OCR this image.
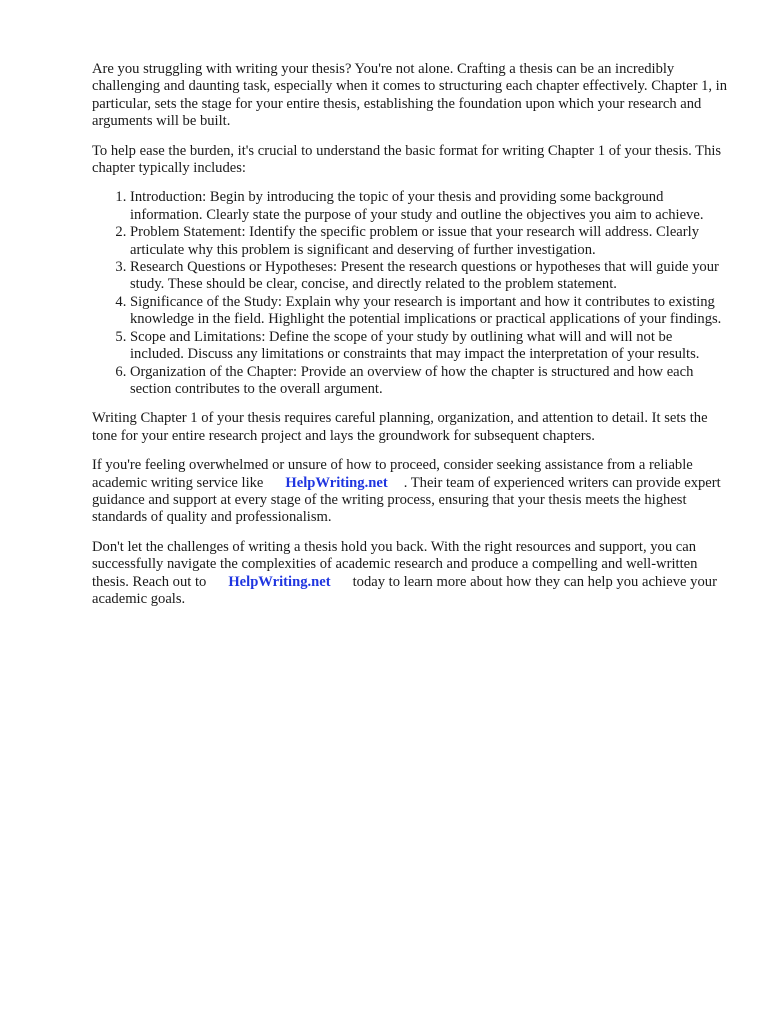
Are you struggling with writing your thesis? You're not alone. Crafting a thesis can be an incredibly challenging and daunting task, especially when it comes to structuring each chapter effectively. Chapter 1, in particular, sets the stage for your entire thesis, establishing the foundation upon which your research and arguments will be built.

To help ease the burden, it's crucial to understand the basic format for writing Chapter 1 of your thesis. This chapter typically includes:

1. Introduction: Begin by introducing the topic of your thesis and providing some background information. Clearly state the purpose of your study and outline the objectives you aim to achieve.
2. Problem Statement: Identify the specific problem or issue that your research will address. Clearly articulate why this problem is significant and deserving of further investigation.
3. Research Questions or Hypotheses: Present the research questions or hypotheses that will guide your study. These should be clear, concise, and directly related to the problem statement.
4. Significance of the Study: Explain why your research is important and how it contributes to existing knowledge in the field. Highlight the potential implications or practical applications of your findings.
5. Scope and Limitations: Define the scope of your study by outlining what will and will not be included. Discuss any limitations or constraints that may impact the interpretation of your results.
6. Organization of the Chapter: Provide an overview of how the chapter is structured and how each section contributes to the overall argument.

Writing Chapter 1 of your thesis requires careful planning, organization, and attention to detail. It sets the tone for your entire research project and lays the groundwork for subsequent chapters.

If you're feeling overwhelmed or unsure of how to proceed, consider seeking assistance from a reliable academic writing service like HelpWriting.net . Their team of experienced writers can provide expert guidance and support at every stage of the writing process, ensuring that your thesis meets the highest standards of quality and professionalism.

Don't let the challenges of writing a thesis hold you back. With the right resources and support, you can successfully navigate the complexities of academic research and produce a compelling and well-written thesis. Reach out to HelpWriting.net today to learn more about how they can help you achieve your academic goals.
